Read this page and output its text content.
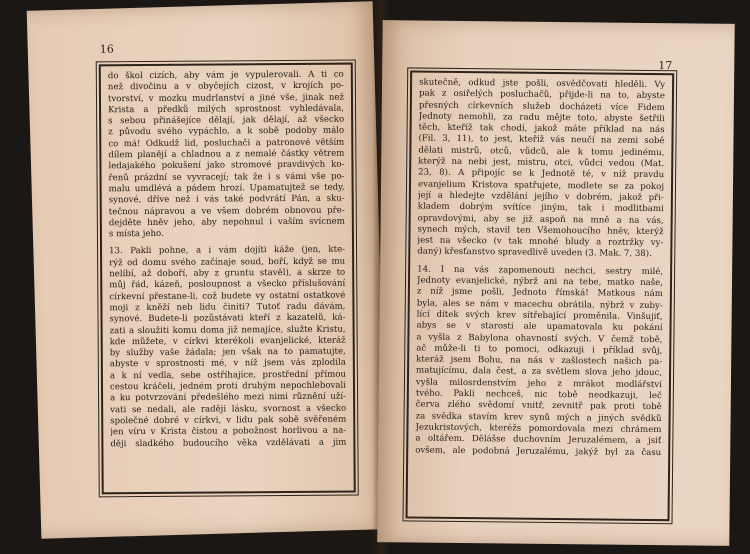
16
do škol cizích, aby vám je vypulerovali. A ti co
než divočinu a v obyčejích cizost, v krojích po-
tvorství, v mozku mudrlanství a jiné vše, jinak než
Krista a předků milých sprostnost vyhledávala,
s sebou přinášejíce dělají, jak dělají, až všecko
z původu svého vypáchlo, a k sobě podoby málo
co má! Odkudž lid, posluchači a patronové větším
dílem planějí a chladnou a z nemalé částky větrem
ledajakého pokušení jako stromové pravdivých ko-
řenů prázdní se vyvracejí; tak že i s vámi vše po-
malu umdlévá a pádem hrozí. Upamatujtež se tedy,
synové, dříve než i vás také podvrátí Pán, a sku-
tečnou nápravou a ve všem dobrém obnovou pře-
dejděte hněv jeho, aby nepohnul i vaším svícnem
s místa jeho.
13. Pakli pohne, a i vám dojíti káže (jen, kte-
rýž od domu svého začínaje soud, boří, když se mu
nelíbí, až doboří, aby z gruntu stavěl), a skrze to
můj řád, kázeň, posloupnost a všecko příslušování
církevní přestane-li, což budete vy ostatní ostatkové
moji z kněží neb lidu činiti? Tutoť radu dávám,
synové. Budete-li pozůstávati kteří z kazatelů, ká-
zati a sloužiti komu doma již nemajíce, služte Kristu,
kde můžete, v církvi kterékoli evanjelické, kteráž
by služby vaše žádala; jen však na to pamatujte,
abyste v sprostnosti mé, v níž jsem vás zplodila
a k ní vedla, sebe ostříhajíce, prostřední přímou
cestou kráčeli, jedném proti druhým nepochlebovali
a ku potvrzování předešlého mezi nimi různění uží-
vati se nedali, ale raději lásku, svornost a všecko
společné dobré v církvi, v lidu pak sobě svěřeném
jen víru v Krista čistou a pobožnost horlivou a na-
ději sladkého budoucího věka vzdělávati a jim
17
skutečně, odkud jste pošli, osvědčovati hleděli. Vy
pak z osiřelých posluchačů, přijde-li na to, abyste
přesných církevních služeb docházeti více Fidem
Jednoty nemohli, za radu mějte toto, abyste šetřili
těch, kteříž tak chodí, jakož máte příklad na nás
(Fil. 3, 11), to jest, kteříž vás neučí na zemi sobě
dělati mistrů, otců, vůdců, ale k tomu jedinému,
kterýž na nebi jest, mistru, otci, vůdci vedou (Mat.
23, 8). A připojíc se k Jednotě té, v níž pravdu
evanjelium Kristova spatřujete, modlete se za pokoj
její a hledejte vzdělání jejího v dobrém, jakož při-
kladem dobrým svítíce jiným, tak i modlitbami
opravdovými, aby se již aspoň na mně a na vás,
synech mých, stavil ten Všemohoucího hněv, kterýž
jest na všecko (v tak mnohé bludy a roztržky vy-
daný) křesťanstvo spravedlivě uveden (3. Mak. 7, 38).
14. I na vás zapomenouti nechci, sestry milé,
Jednoty evanjelické, nýbrž ani na tebe, matko naše,
z níž jsme pošli, Jednoto římská! Matkous nám
byla, ales se nám v macechu obrátila, nýbrž v zuby-
lící dítek svých krev sítřebající proměnila. Vinšujiť,
abys se v starosti ale upamatovala ku pokání
a vyšla z Babylona ohavností svých. V čemž tobě,
ač může-li ti to pomoci, odkazuji i příklad svůj,
kteráž jsem Bohu, na nás v zašlostech našich pa-
matujícímu, dala čest, a za světlem slova jeho jdouc,
vyšla milosrdenstvím jeho z mrákot modlářství
tvého. Pakli nechceš, nic tobě neodkazuji, leč
červa zlého svědomí vnitř, zevnitř pak proti tobě
za svědka stavím krev synů mých a jiných svědků
Jezukristových, kteréžs pomordovala mezi chrámem
a oltářem. Dělášse duchovním Jeruzalémem, a jsiť
ovšem, ale podobná Jeruzalému, jakýž byl za času
